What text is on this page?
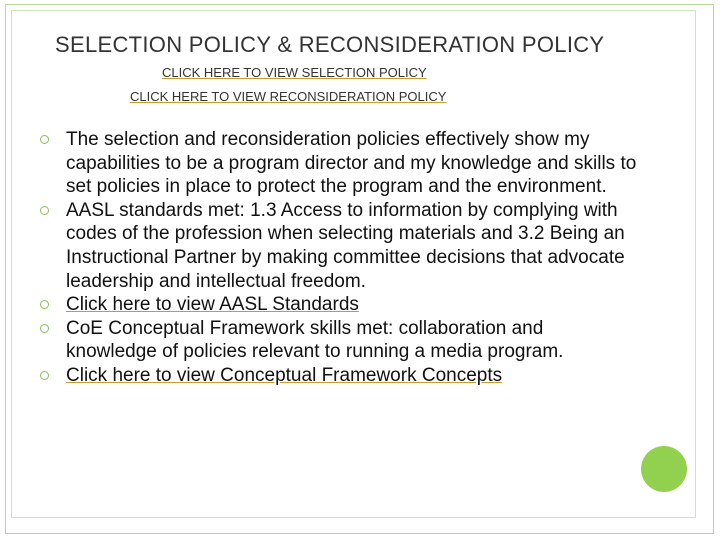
SELECTION POLICY & RECONSIDERATION POLICY
CLICK HERE TO VIEW SELECTION POLICY
CLICK HERE TO VIEW RECONSIDERATION POLICY
The selection and reconsideration policies effectively show my capabilities to be a program director and my knowledge and skills to set policies in place to protect the program and the environment.
AASL standards met: 1.3 Access to information by complying with codes of the profession when selecting materials and 3.2 Being an Instructional Partner by making committee decisions that advocate leadership and intellectual freedom.
Click here to view AASL Standards
CoE Conceptual Framework skills met: collaboration and knowledge of policies relevant to running a media program.
Click here to view Conceptual Framework Concepts
